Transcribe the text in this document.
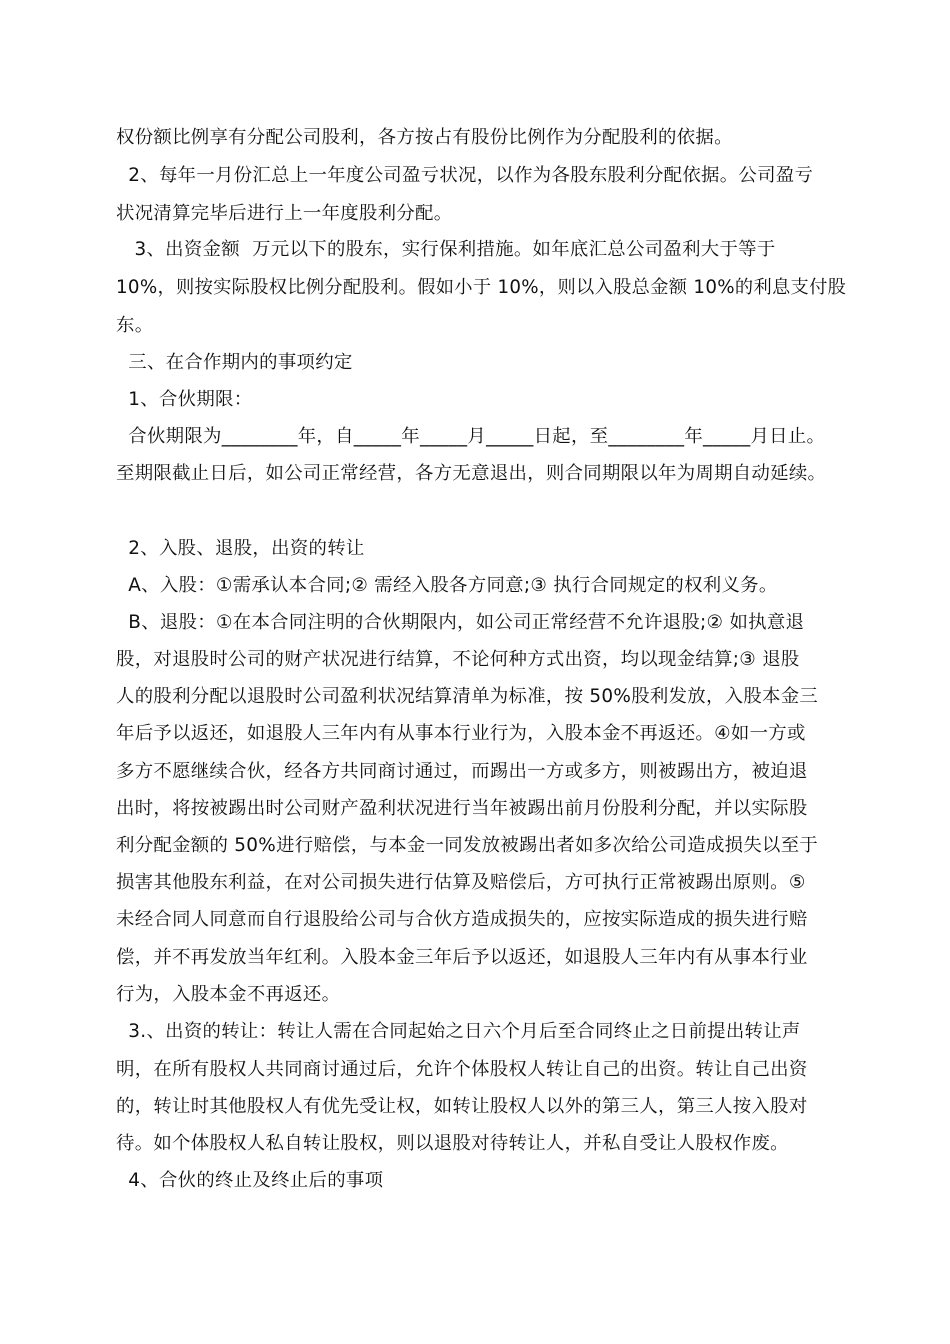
权份额比例享有分配公司股利，各方按占有股份比例作为分配股利的依据。
2、每年一月份汇总上一年度公司盈亏状况，以作为各股东股利分配依据。公司盈亏
状况清算完毕后进行上一年度股利分配。
3、出资金额  万元以下的股东，实行保利措施。如年底汇总公司盈利大于等于
10%，则按实际股权比例分配股利。假如小于 10%，则以入股总金额 10%的利息支付股
东。
三、在合作期内的事项约定
1、合伙期限：
合伙期限为________年，自_____年_____月_____日起，至________年_____月日止。
至期限截止日后，如公司正常经营，各方无意退出，则合同期限以年为周期自动延续。
2、入股、退股，出资的转让
A、入股：①需承认本合同;② 需经入股各方同意;③ 执行合同规定的权利义务。
B、退股：①在本合同注明的合伙期限内，如公司正常经营不允许退股;② 如执意退
股，对退股时公司的财产状况进行结算，不论何种方式出资，均以现金结算;③ 退股
人的股利分配以退股时公司盈利状况结算清单为标准，按 50%股利发放，入股本金三
年后予以返还，如退股人三年内有从事本行业行为，入股本金不再返还。④如一方或
多方不愿继续合伙，经各方共同商讨通过，而踢出一方或多方，则被踢出方，被迫退
出时，将按被踢出时公司财产盈利状况进行当年被踢出前月份股利分配，并以实际股
利分配金额的 50%进行赔偿，与本金一同发放被踢出者如多次给公司造成损失以至于
损害其他股东利益，在对公司损失进行估算及赔偿后，方可执行正常被踢出原则。⑤
未经合同人同意而自行退股给公司与合伙方造成损失的，应按实际造成的损失进行赔
偿，并不再发放当年红利。入股本金三年后予以返还，如退股人三年内有从事本行业
行为，入股本金不再返还。
3.、出资的转让：转让人需在合同起始之日六个月后至合同终止之日前提出转让声
明，在所有股权人共同商讨通过后，允许个体股权人转让自己的出资。转让自己出资
的，转让时其他股权人有优先受让权，如转让股权人以外的第三人，第三人按入股对
待。如个体股权人私自转让股权，则以退股对待转让人，并私自受让人股权作废。
4、合伙的终止及终止后的事项
